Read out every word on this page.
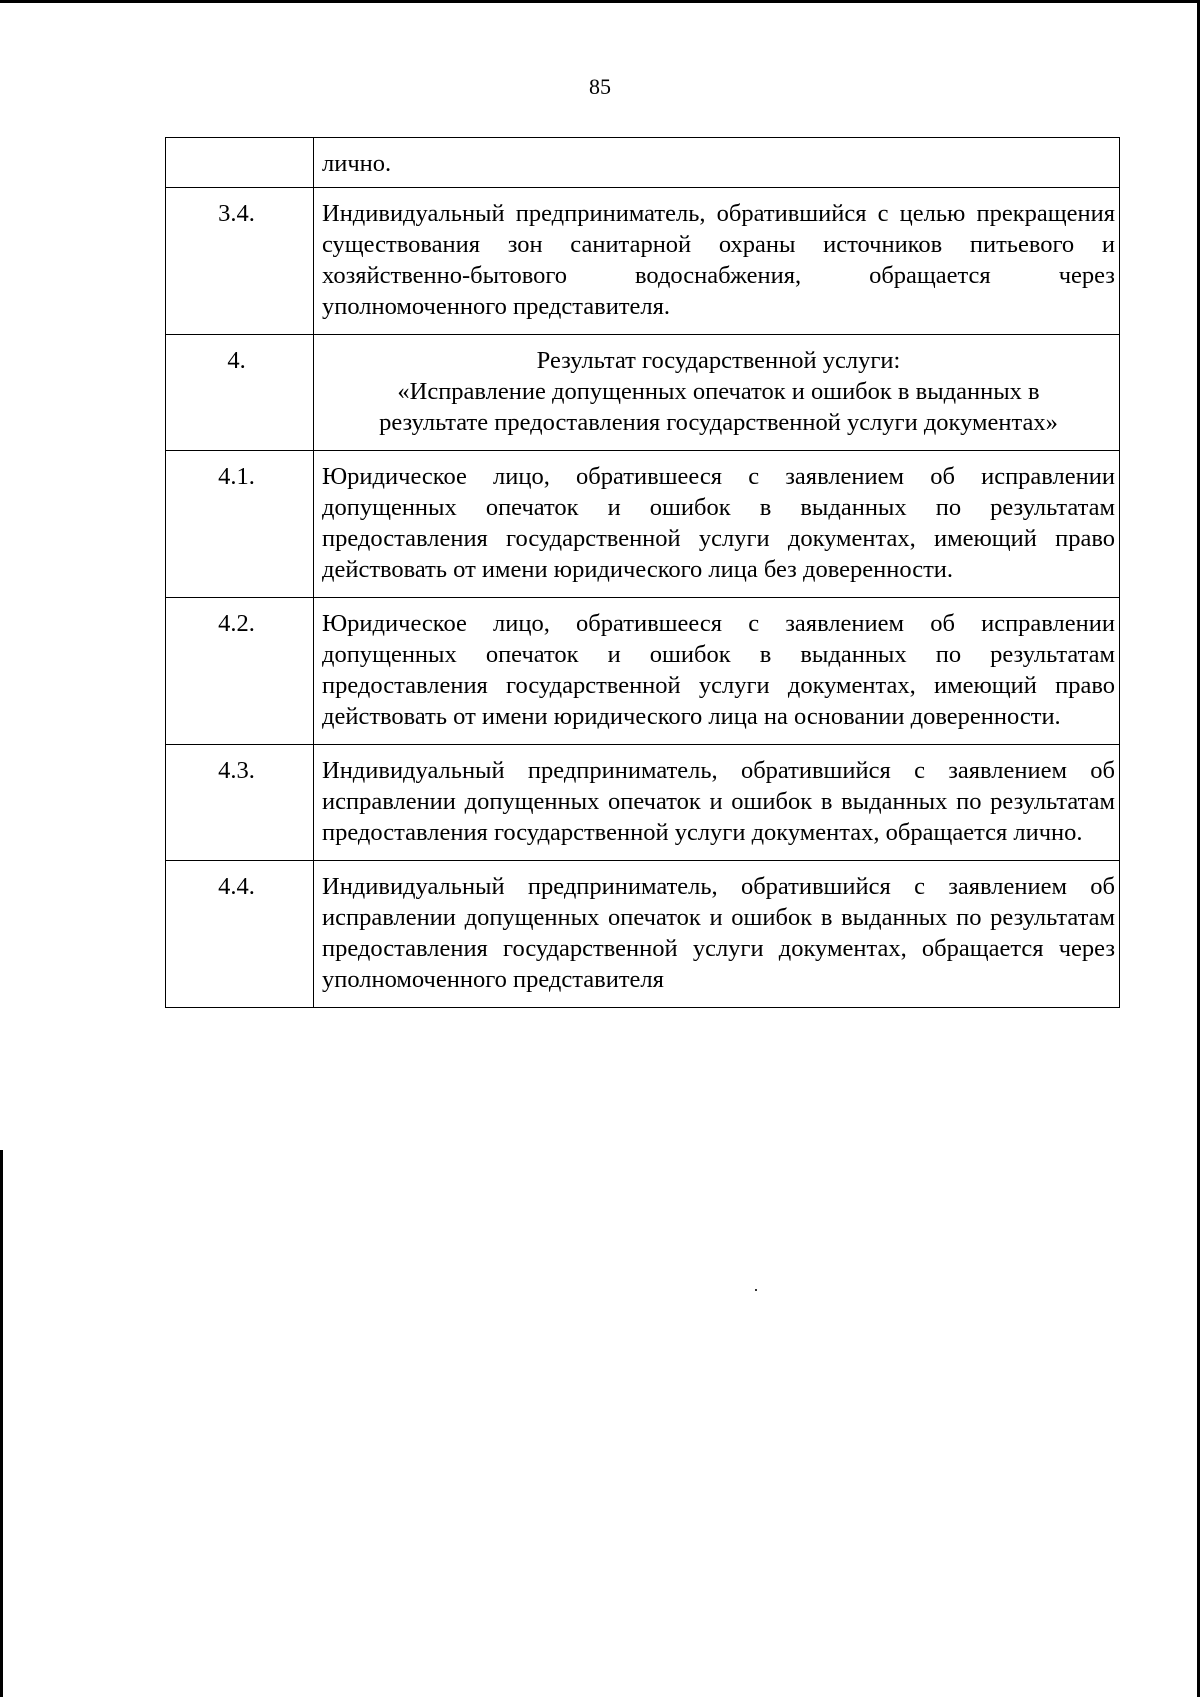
85
	лично.
3.4.	Индивидуальный предприниматель, обратившийся с целью прекращения существования зон санитарной охраны источников питьевого и хозяйственно-бытового водоснабжения, обращается через уполномоченного представителя.
4.	Результат государственной услуги:
«Исправление допущенных опечаток и ошибок в выданных в
результате предоставления государственной услуги документах»

4.1.	Юридическое лицо, обратившееся с заявлением об исправлении допущенных опечаток и ошибок в выданных по результатам предоставления государственной услуги документах, имеющий право действовать от имени юридического лица без доверенности.
4.2.	Юридическое лицо, обратившееся с заявлением об исправлении допущенных опечаток и ошибок в выданных по результатам предоставления государственной услуги документах, имеющий право действовать от имени юридического лица на основании доверенности.
4.3.	Индивидуальный предприниматель, обратившийся с заявлением об исправлении допущенных опечаток и ошибок в выданных по результатам предоставления государственной услуги документах, обращается лично.
4.4.	Индивидуальный предприниматель, обратившийся с заявлением об исправлении допущенных опечаток и ошибок в выданных по результатам предоставления государственной услуги документах, обращается через уполномоченного представителя
